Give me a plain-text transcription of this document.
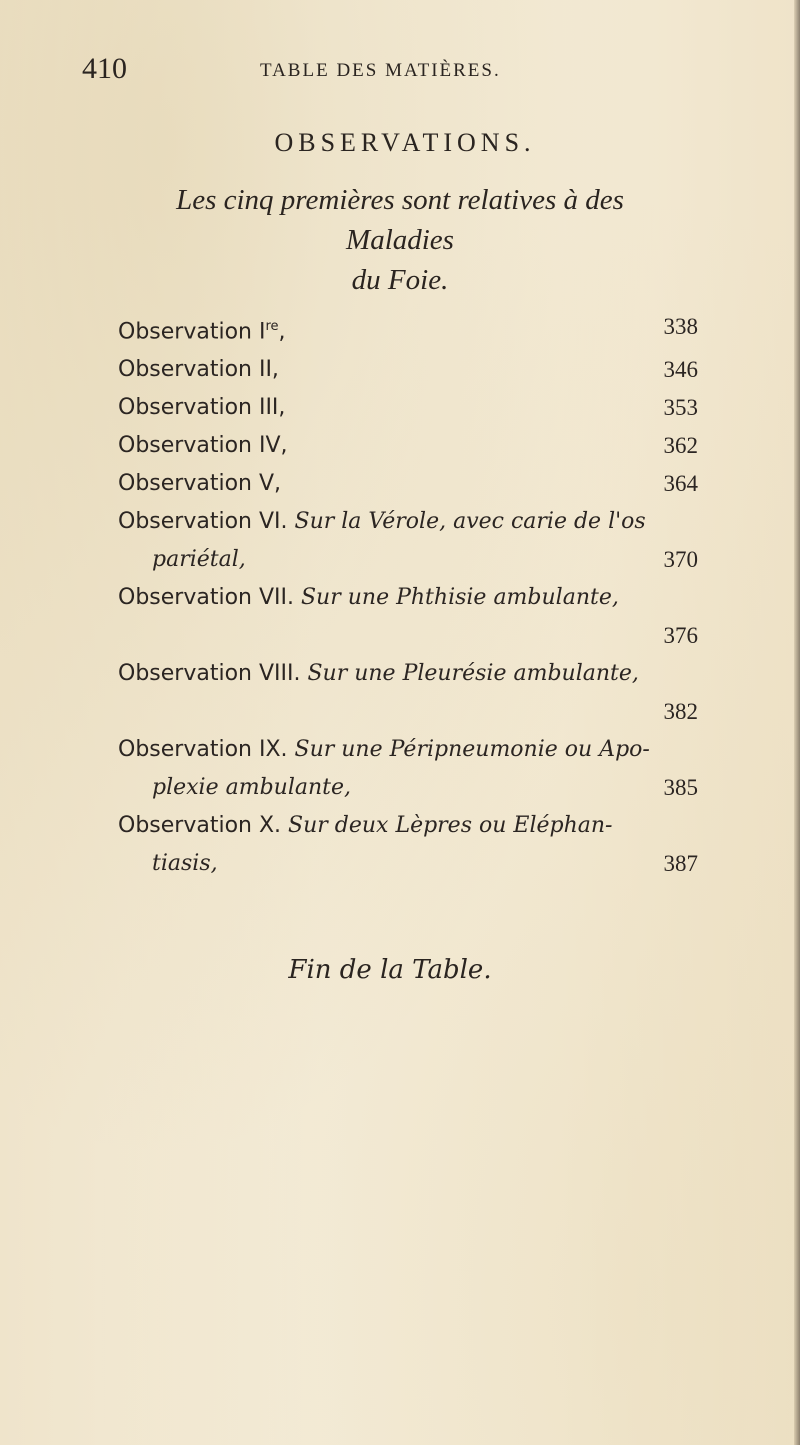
410	TABLE DES MATIÈRES.
OBSERVATIONS.
Les cinq premières sont relatives à des Maladies
du Foie.
Observation Ire,	338
Observation II,	346
Observation III,	353
Observation IV,	362
Observation V,	364
Observation VI. Sur la Vérole, avec carie de l'os
pariétal,	370
Observation VII. Sur une Phthisie ambulante,
376
Observation VIII. Sur une Pleurésie ambulante,
382
Observation IX. Sur une Péripneumonie ou Apo-
plexie ambulante,	385
Observation X. Sur deux Lèpres ou Eléphan-
tiasis,	387
Fin de la Table.
